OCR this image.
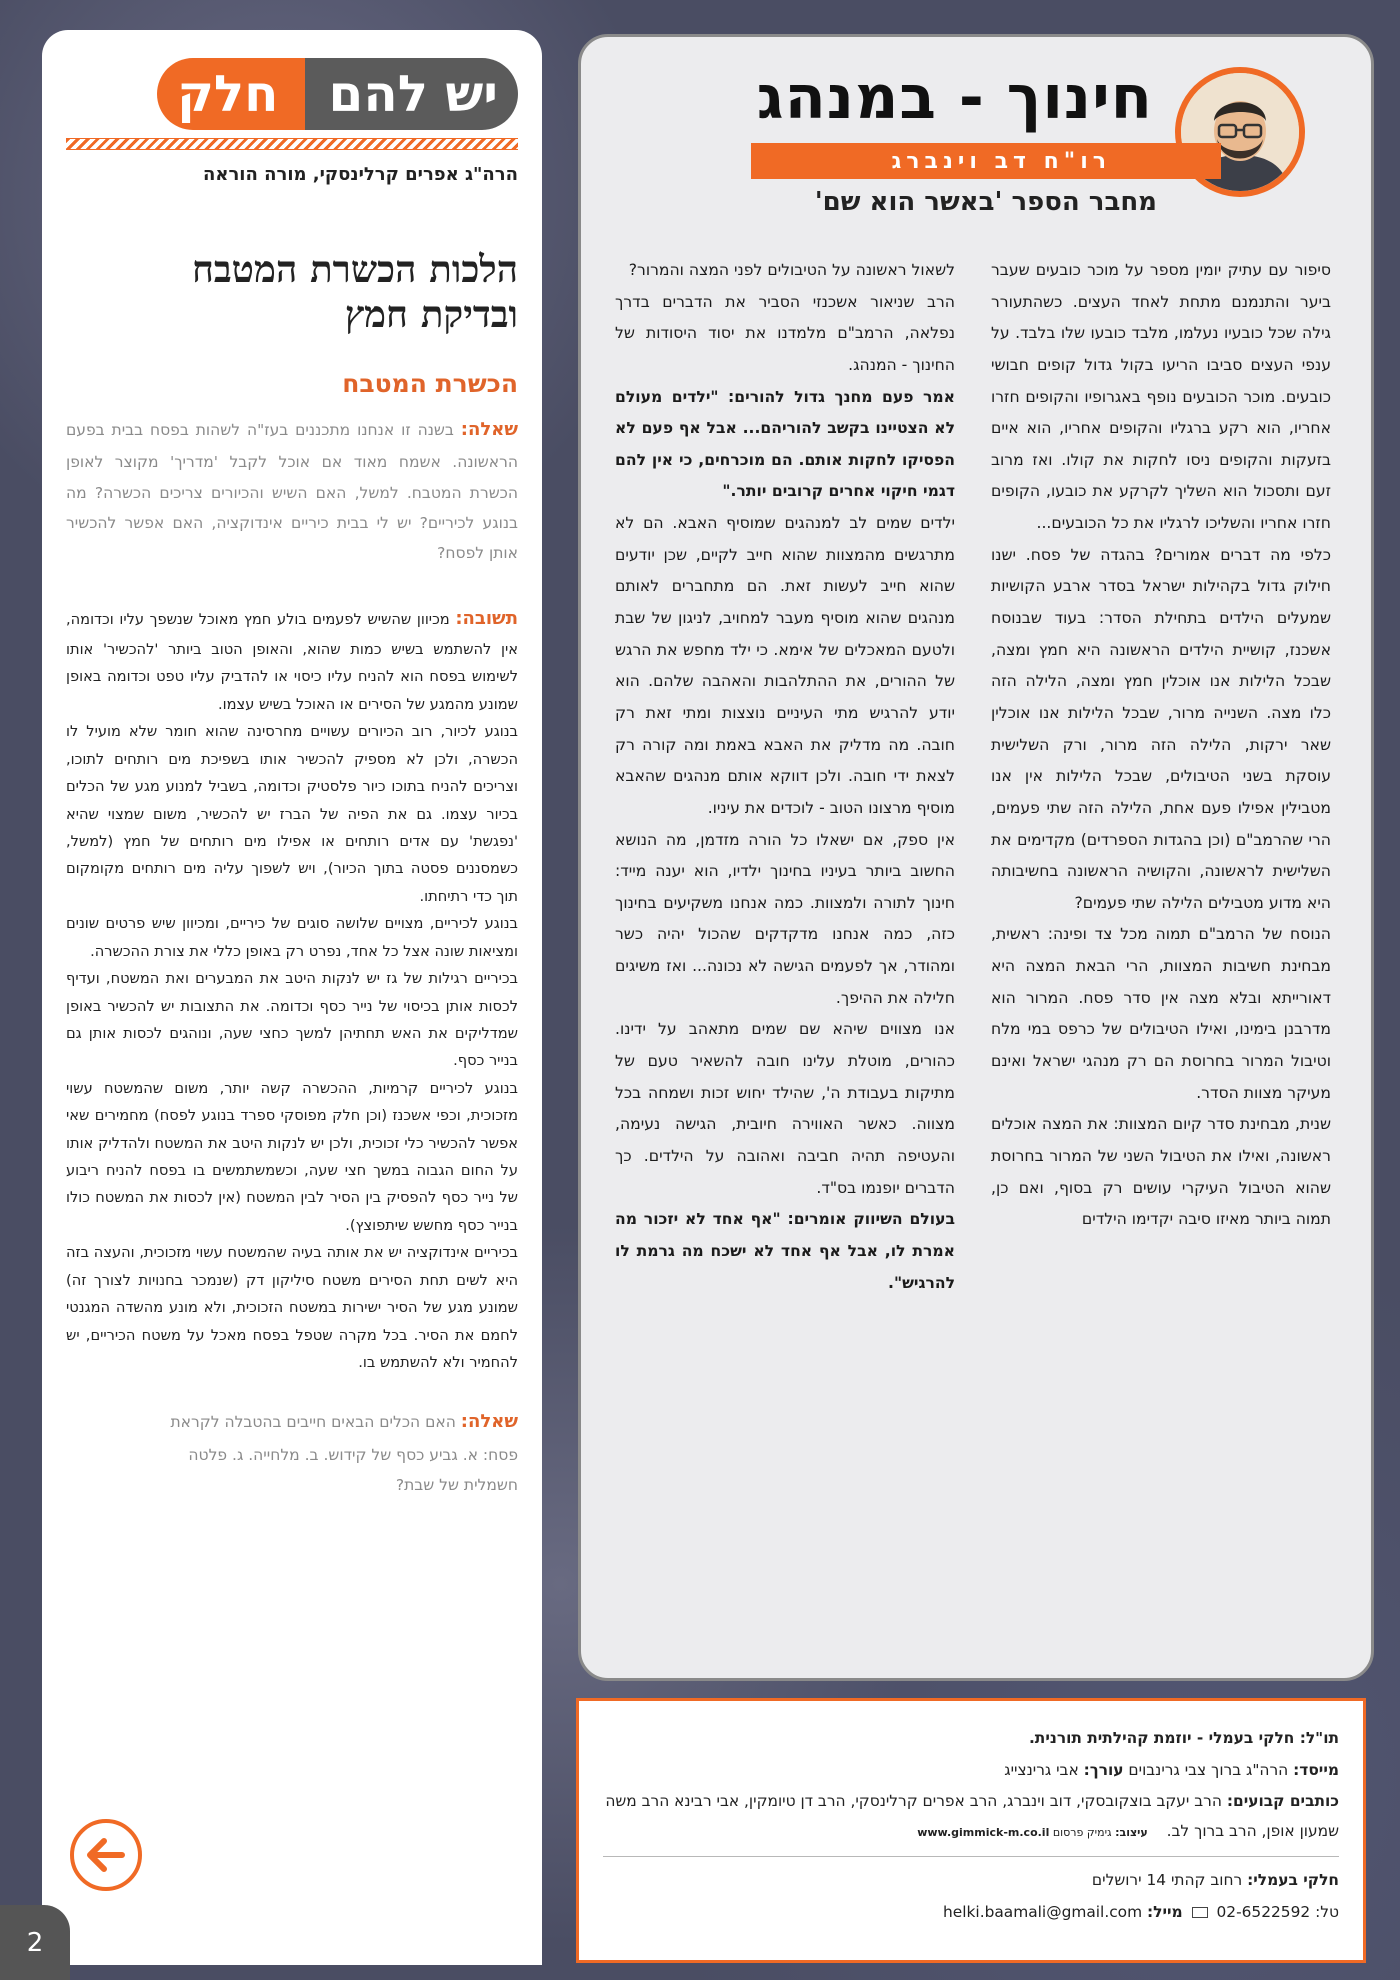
יש להם
חלק
הרה"ג אפרים קרלינסקי, מורה הוראה
הלכות הכשרת המטבח
ובדיקת חמץ
הכשרת המטבח
שאלה: בשנה זו אנחנו מתכננים בעז"ה לשהות בפסח בבית בפעם הראשונה. אשמח מאוד אם אוכל לקבל 'מדריך' מקוצר לאופן הכשרת המטבח. למשל, האם השיש והכיורים צריכים הכשרה? מה בנוגע לכיריים? יש לי בבית כיריים אינדוקציה, האם אפשר להכשיר אותן לפסח?

תשובה: מכיוון שהשיש לפעמים בולע חמץ מאוכל שנשפך עליו וכדומה, אין להשתמש בשיש כמות שהוא, והאופן הטוב ביותר 'להכשיר' אותו לשימוש בפסח הוא להניח עליו כיסוי או להדביק עליו טפט וכדומה באופן שמונע מהמגע של הסירים או האוכל בשיש עצמו.

בנוגע לכיור, רוב הכיורים עשויים מחרסינה שהוא חומר שלא מועיל לו הכשרה, ולכן לא מספיק להכשיר אותו בשפיכת מים רותחים לתוכו, וצריכים להניח בתוכו כיור פלסטיק וכדומה, בשביל למנוע מגע של הכלים בכיור עצמו. גם את הפיה של הברז יש להכשיר, משום שמצוי שהיא 'נפגשת' עם אדים רותחים או אפילו מים רותחים של חמץ (למשל, כשמסננים פסטה בתוך הכיור), ויש לשפוך עליה מים רותחים מקומקום תוך כדי רתיחתו.

בנוגע לכיריים, מצויים שלושה סוגים של כיריים, ומכיוון שיש פרטים שונים ומציאות שונה אצל כל אחד, נפרט רק באופן כללי את צורת ההכשרה.

בכיריים רגילות של גז יש לנקות היטב את המבערים ואת המשטח, ועדיף לכסות אותן בכיסוי של נייר כסף וכדומה. את התצובות יש להכשיר באופן שמדליקים את האש תחתיהן למשך כחצי שעה, ונוהגים לכסות אותן גם בנייר כסף.

בנוגע לכיריים קרמיות, ההכשרה קשה יותר, משום שהמשטח עשוי מזכוכית, וכפי אשכנז (וכן חלק מפוסקי ספרד בנוגע לפסח) מחמירים שאי אפשר להכשיר כלי זכוכית, ולכן יש לנקות היטב את המשטח ולהדליק אותו על החום הגבוה במשך חצי שעה, וכשמשתמשים בו בפסח להניח ריבוע של נייר כסף להפסיק בין הסיר לבין המשטח (אין לכסות את המשטח כולו בנייר כסף מחשש שיתפוצץ).

בכיריים אינדוקציה יש את אותה בעיה שהמשטח עשוי מזכוכית, והעצה בזה היא לשים תחת הסירים משטח סיליקון דק (שנמכר בחנויות לצורך זה) שמונע מגע של הסיר ישירות במשטח הזכוכית, ולא מונע מהשדה המגנטי לחמם את הסיר. בכל מקרה שטפל בפסח מאכל על משטח הכיריים, יש להחמיר ולא להשתמש בו.

שאלה: האם הכלים הבאים חייבים בהטבלה לקראת פסח: א. גביע כסף של קידוש. ב. מלחייה. ג. פלטה חשמלית של שבת?
2
חינוך - במנהג
רו"ח דב וינברג
מחבר הספר 'באשר הוא שם'

סיפור עם עתיק יומין מספר על מוכר כובעים שעבר ביער והתנמנם מתחת לאחד העצים. כשהתעורר גילה שכל כובעיו נעלמו, מלבד כובעו שלו בלבד. על ענפי העצים סביבו הריעו בקול גדול קופים חבושי כובעים. מוכר הכובעים נופף באגרופיו והקופים חזרו אחריו, הוא רקע ברגליו והקופים אחריו, הוא איים בזעקות והקופים ניסו לחקות את קולו. ואז מרוב זעם ותסכול הוא השליך לקרקע את כובעו, הקופים חזרו אחריו והשליכו לרגליו את כל הכובעים...

כלפי מה דברים אמורים? בהגדה של פסח. ישנו חילוק גדול בקהילות ישראל בסדר ארבע הקושיות שמעלים הילדים בתחילת הסדר: בעוד שבנוסח אשכנז, קושיית הילדים הראשונה היא חמץ ומצה, שבכל הלילות אנו אוכלין חמץ ומצה, הלילה הזה כלו מצה. השנייה מרור, שבכל הלילות אנו אוכלין שאר ירקות, הלילה הזה מרור, ורק השלישית עוסקת בשני הטיבולים, שבכל הלילות אין אנו מטבילין אפילו פעם אחת, הלילה הזה שתי פעמים, הרי שהרמב"ם (וכן בהגדות הספרדים) מקדימים את השלישית לראשונה, והקושיה הראשונה בחשיבותה היא מדוע מטבילים הלילה שתי פעמים?

הנוסח של הרמב"ם תמוה מכל צד ופינה: ראשית, מבחינת חשיבות המצוות, הרי הבאת המצה היא דאורייתא ובלא מצה אין סדר פסח. המרור הוא מדרבנן בימינו, ואילו הטיבולים של כרפס במי מלח וטיבול המרור בחרוסת הם רק מנהגי ישראל ואינם מעיקר מצוות הסדר.

שנית, מבחינת סדר קיום המצוות: את המצה אוכלים ראשונה, ואילו את הטיבול השני של המרור בחרוסת שהוא הטיבול העיקרי עושים רק בסוף, ואם כן, תמוה ביותר מאיזו סיבה יקדימו הילדים

לשאול ראשונה על הטיבולים לפני המצה והמרור?

הרב שניאור אשכנזי הסביר את הדברים בדרך נפלאה, הרמב"ם מלמדנו את יסוד היסודות של החינוך - המנהג.

אמר פעם מחנך גדול להורים: "ילדים מעולם לא הצטיינו בקשב להוריהם... אבל אף פעם לא הפסיקו לחקות אותם. הם מוכרחים, כי אין להם דגמי חיקוי אחרים קרובים יותר."

ילדים שמים לב למנהגים שמוסיף האבא. הם לא מתרגשים מהמצוות שהוא חייב לקיים, שכן יודעים שהוא חייב לעשות זאת. הם מתחברים לאותם מנהגים שהוא מוסיף מעבר למחויב, לניגון של שבת ולטעם המאכלים של אימא. כי ילד מחפש את הרגש של ההורים, את ההתלהבות והאהבה שלהם. הוא יודע להרגיש מתי העיניים נוצצות ומתי זאת רק חובה. מה מדליק את האבא באמת ומה קורה רק לצאת ידי חובה. ולכן דווקא אותם מנהגים שהאבא מוסיף מרצונו הטוב - לוכדים את עיניו.

אין ספק, אם ישאלו כל הורה מזדמן, מה הנושא החשוב ביותר בעיניו בחינוך ילדיו, הוא יענה מייד: חינוך לתורה ולמצוות. כמה אנחנו משקיעים בחינוך כזה, כמה אנחנו מדקדקים שהכול יהיה כשר ומהודר, אך לפעמים הגישה לא נכונה... ואז משיגים חלילה את ההיפך.

אנו מצווים שיהא שם שמים מתאהב על ידינו. כהורים, מוטלת עלינו חובה להשאיר טעם של מתיקות בעבודת ה', שהילד יחוש זכות ושמחה בכל מצווה. כאשר האווירה חיובית, הגישה נעימה, והעטיפה תהיה חביבה ואהובה על הילדים. כך הדברים יופנמו בס"ד.

בעולם השיווק אומרים: "אף אחד לא יזכור מה אמרת לו, אבל אף אחד לא ישכח מה גרמת לו להרגיש".

תו"ל: חלקי בעמלי - יוזמת קהילתית תורנית.
מייסד: הרה"ג ברוך צבי גרינבוים עורך: אבי גרינצייג
כותבים קבועים: הרב יעקב בוצקובסקי, דוב וינברג, הרב אפרים קרלינסקי, הרב דן טיומקין, אבי רבינא הרב משה שמעון אופן, הרב ברוך לב. עיצוב: גימיק פרסום www.gimmick-m.co.il
חלקי בעמלי: רחוב קהתי 14 ירושלים
טל: 02-6522592  מייל: helki.baamali@gmail.com
